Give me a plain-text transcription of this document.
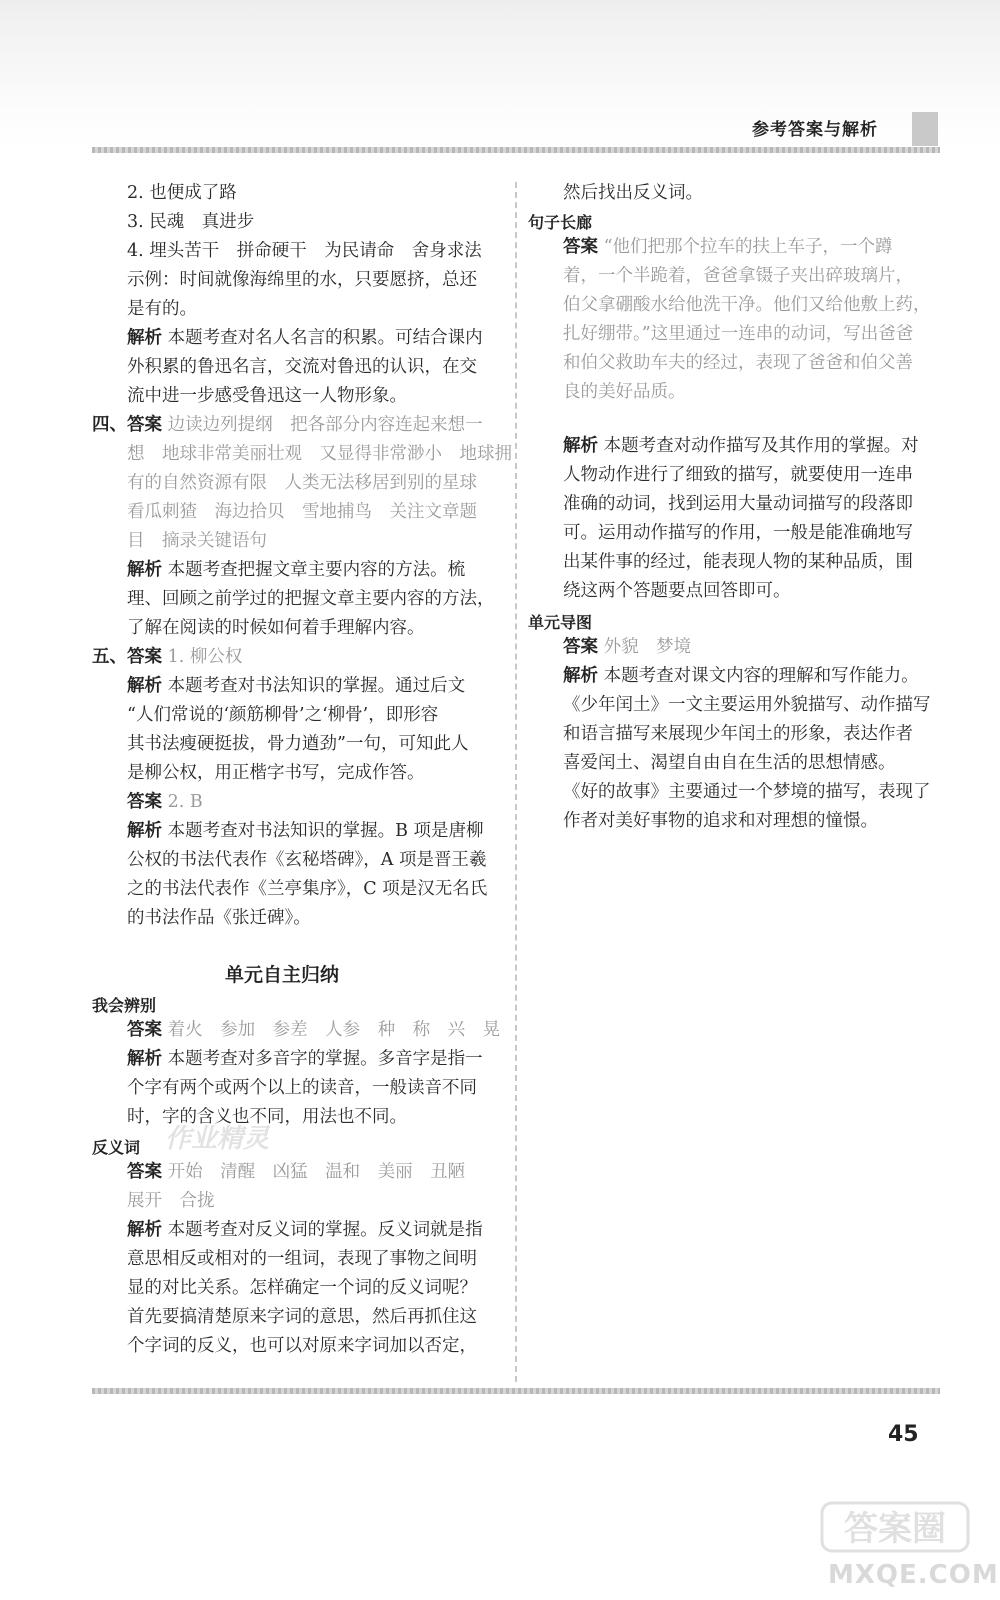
参考答案与解析
2. 也便成了路
3. 民魂　真进步
4. 埋头苦干　拼命硬干　为民请命　舍身求法
示例：时间就像海绵里的水，只要愿挤，总还
是有的。
解析 本题考查对名人名言的积累。可结合课内
外积累的鲁迅名言，交流对鲁迅的认识，在交
流中进一步感受鲁迅这一人物形象。
四、答案 边读边列提纲　把各部分内容连起来想一
想　地球非常美丽壮观　又显得非常渺小　地球拥
有的自然资源有限　人类无法移居到别的星球
看瓜刺猹　海边拾贝　雪地捕鸟　关注文章题
目　摘录关键语句
解析 本题考查把握文章主要内容的方法。梳
理、回顾之前学过的把握文章主要内容的方法，
了解在阅读的时候如何着手理解内容。
五、答案 1. 柳公权
解析 本题考查对书法知识的掌握。通过后文
“人们常说的‘颜筋柳骨’之‘柳骨’，即形容
其书法瘦硬挺拔，骨力遒劲”一句，可知此人
是柳公权，用正楷字书写，完成作答。
答案 2. B
解析 本题考查对书法知识的掌握。B 项是唐柳
公权的书法代表作《玄秘塔碑》，A 项是晋王羲
之的书法代表作《兰亭集序》，C 项是汉无名氏
的书法作品《张迁碑》。
单元自主归纳
我会辨别
答案 着火　参加　参差　人参　种　称　兴　晃
解析 本题考查对多音字的掌握。多音字是指一
个字有两个或两个以上的读音，一般读音不同
时，字的含义也不同，用法也不同。
反义词
答案 开始　清醒　凶猛　温和　美丽　丑陋
展开　合拢
解析 本题考查对反义词的掌握。反义词就是指
意思相反或相对的一组词，表现了事物之间明
显的对比关系。怎样确定一个词的反义词呢？
首先要搞清楚原来字词的意思，然后再抓住这
个字词的反义，也可以对原来字词加以否定，
然后找出反义词。
句子长廊
答案 “他们把那个拉车的扶上车子，一个蹲
着，一个半跪着，爸爸拿镊子夹出碎玻璃片，
伯父拿硼酸水给他洗干净。他们又给他敷上药，
扎好绷带。”这里通过一连串的动词，写出爸爸
和伯父救助车夫的经过，表现了爸爸和伯父善
良的美好品质。
解析 本题考查对动作描写及其作用的掌握。对
人物动作进行了细致的描写，就要使用一连串
准确的动词，找到运用大量动词描写的段落即
可。运用动作描写的作用，一般是能准确地写
出某件事的经过，能表现人物的某种品质，围
绕这两个答题要点回答即可。
单元导图
答案 外貌　梦境
解析 本题考查对课文内容的理解和写作能力。
《少年闰土》一文主要运用外貌描写、动作描写
和语言描写来展现少年闰土的形象，表达作者
喜爱闰土、渴望自由自在生活的思想情感。
《好的故事》主要通过一个梦境的描写，表现了
作者对美好事物的追求和对理想的憧憬。
45
作业精灵
答案圈
MXQE.COM
